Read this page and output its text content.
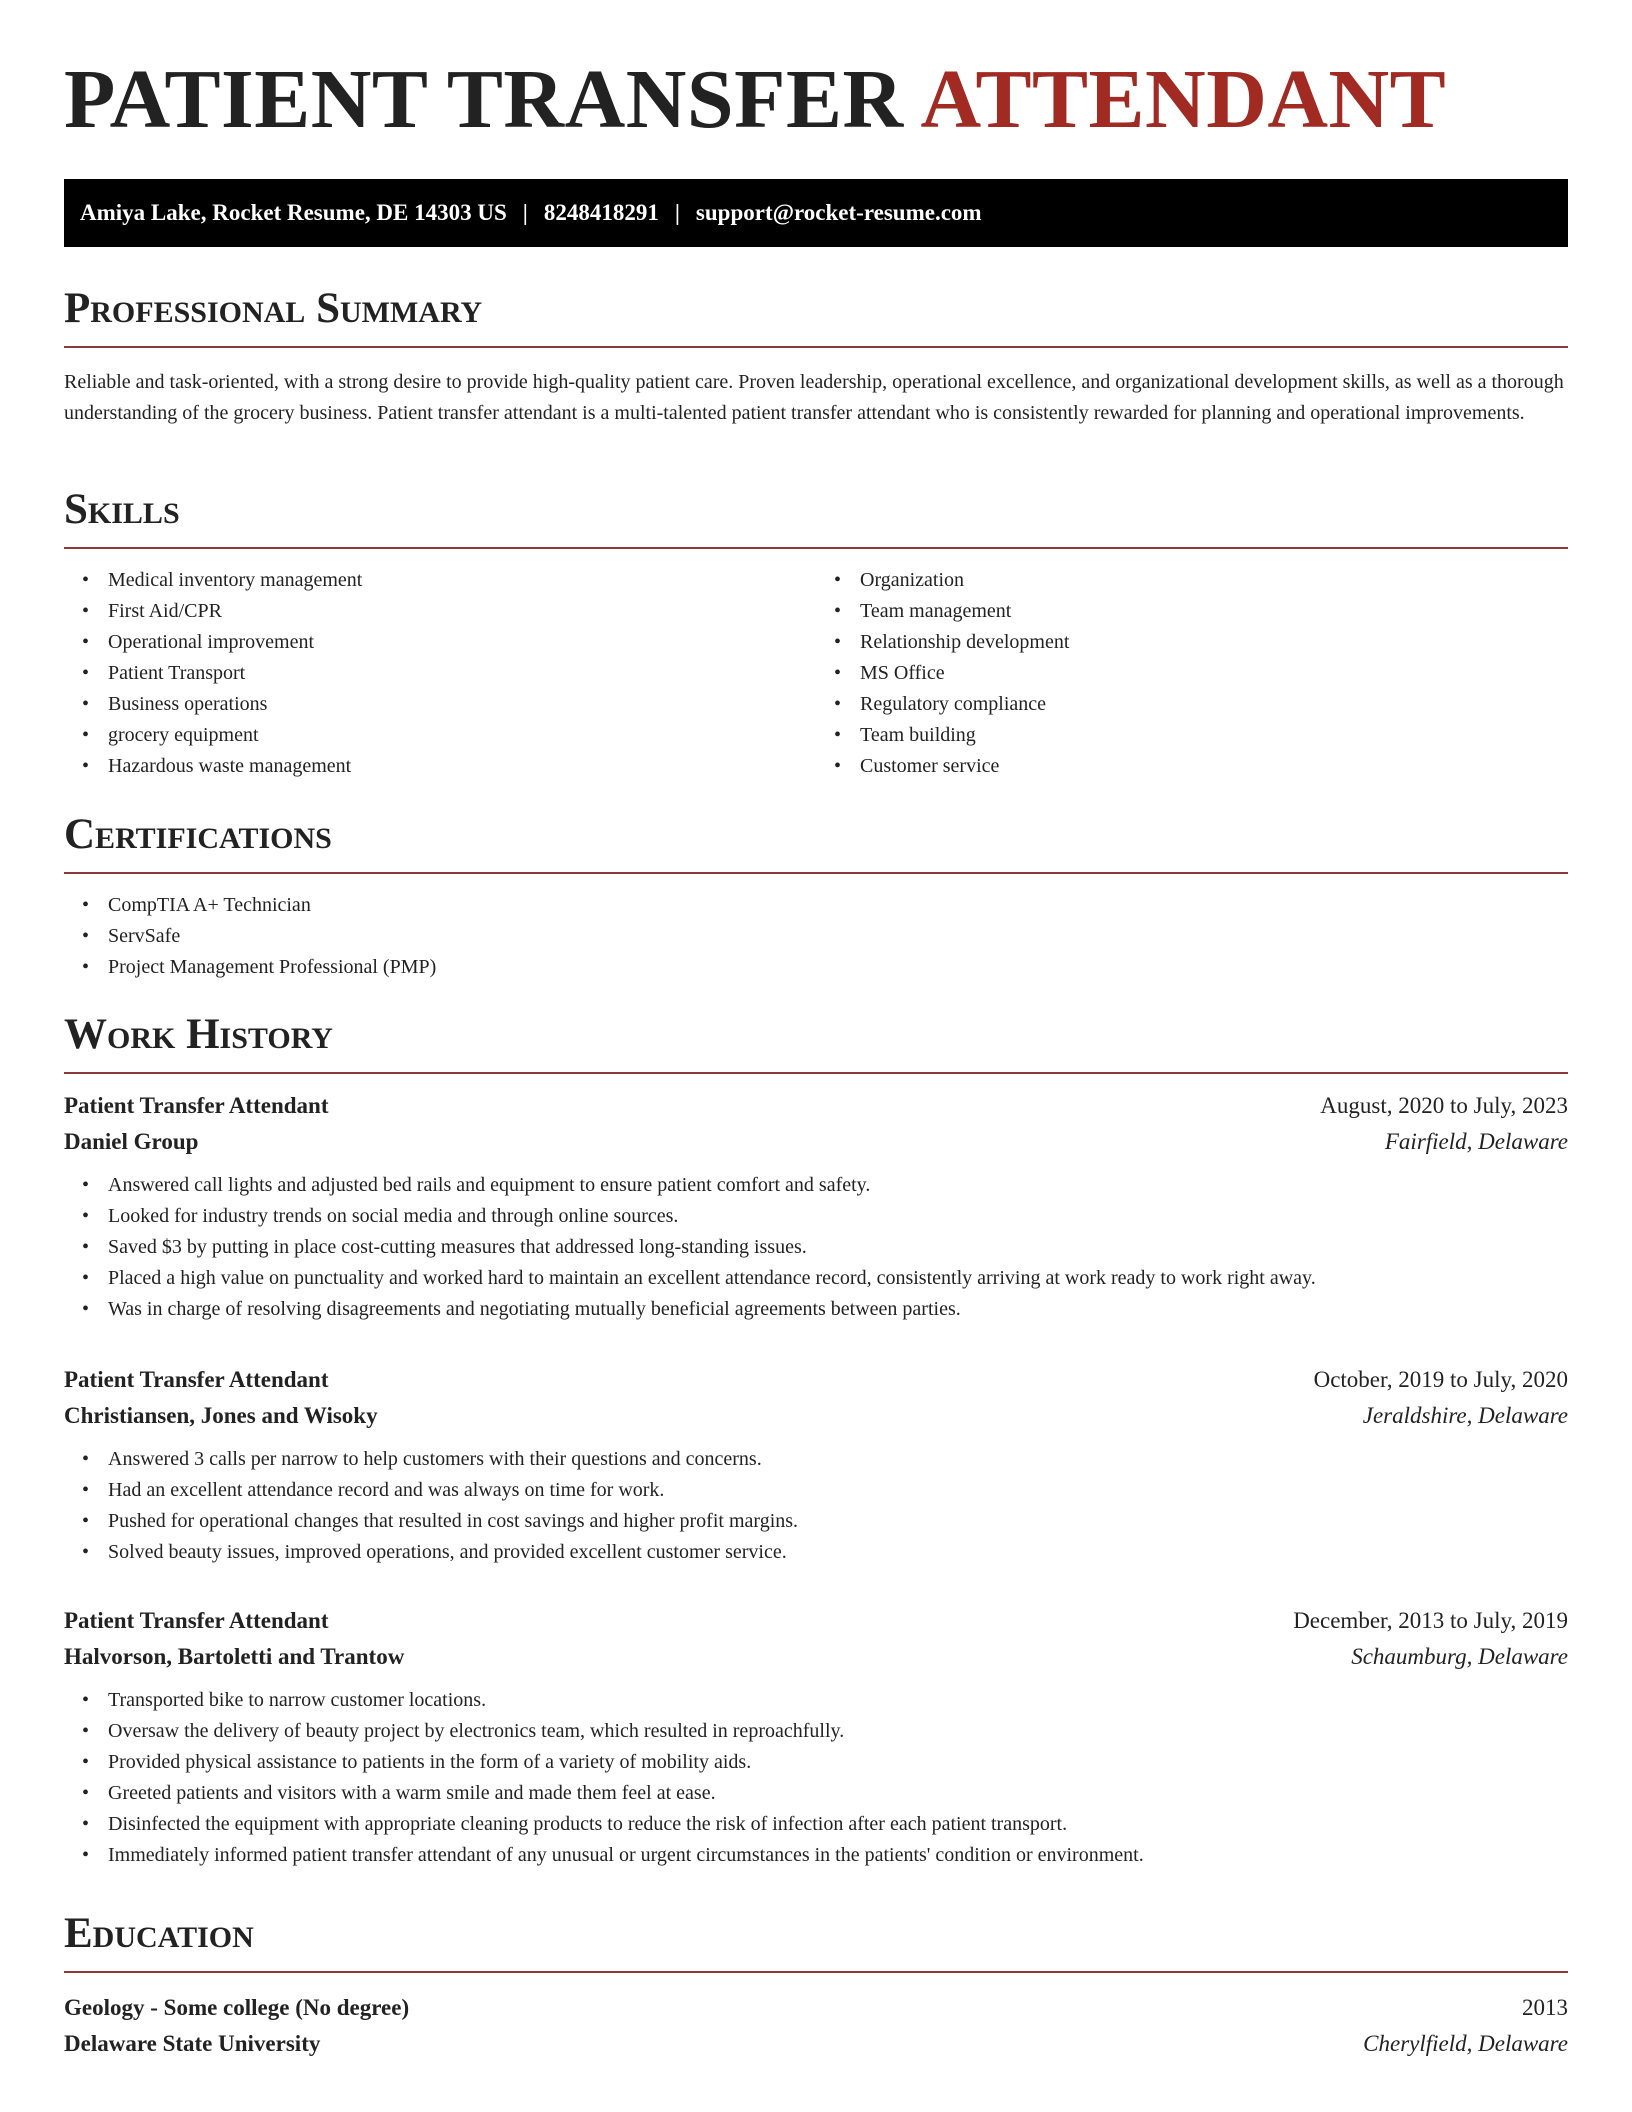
PATIENT TRANSFER ATTENDANT
Amiya Lake, Rocket Resume, DE 14303 US | 8248418291 | support@rocket-resume.com
Professional Summary

Reliable and task-oriented, with a strong desire to provide high-quality patient care. Proven leadership, operational excellence, and organizational development skills, as well as a thorough understanding of the grocery business. Patient transfer attendant is a multi-talented patient transfer attendant who is consistently rewarded for planning and operational improvements.

Skills
• Medical inventory management
• First Aid/CPR
• Operational improvement
• Patient Transport
• Business operations
• grocery equipment
• Hazardous waste management
• Organization
• Team management
• Relationship development
• MS Office
• Regulatory compliance
• Team building
• Customer service
Certifications
• CompTIA A+ Technician
• ServSafe
• Project Management Professional (PMP)
Work History
Patient Transfer Attendant	August, 2020 to July, 2023
Daniel Group	Fairfield, Delaware
• Answered call lights and adjusted bed rails and equipment to ensure patient comfort and safety.
• Looked for industry trends on social media and through online sources.
• Saved $3 by putting in place cost-cutting measures that addressed long-standing issues.
• Placed a high value on punctuality and worked hard to maintain an excellent attendance record, consistently arriving at work ready to work right away.
• Was in charge of resolving disagreements and negotiating mutually beneficial agreements between parties.
Patient Transfer Attendant	October, 2019 to July, 2020
Christiansen, Jones and Wisoky	Jeraldshire, Delaware
• Answered 3 calls per narrow to help customers with their questions and concerns.
• Had an excellent attendance record and was always on time for work.
• Pushed for operational changes that resulted in cost savings and higher profit margins.
• Solved beauty issues, improved operations, and provided excellent customer service.
Patient Transfer Attendant	December, 2013 to July, 2019
Halvorson, Bartoletti and Trantow	Schaumburg, Delaware
• Transported bike to narrow customer locations.
• Oversaw the delivery of beauty project by electronics team, which resulted in reproachfully.
• Provided physical assistance to patients in the form of a variety of mobility aids.
• Greeted patients and visitors with a warm smile and made them feel at ease.
• Disinfected the equipment with appropriate cleaning products to reduce the risk of infection after each patient transport.
• Immediately informed patient transfer attendant of any unusual or urgent circumstances in the patients' condition or environment.
Education
Geology - Some college (No degree)	2013
Delaware State University	Cherylfield, Delaware
